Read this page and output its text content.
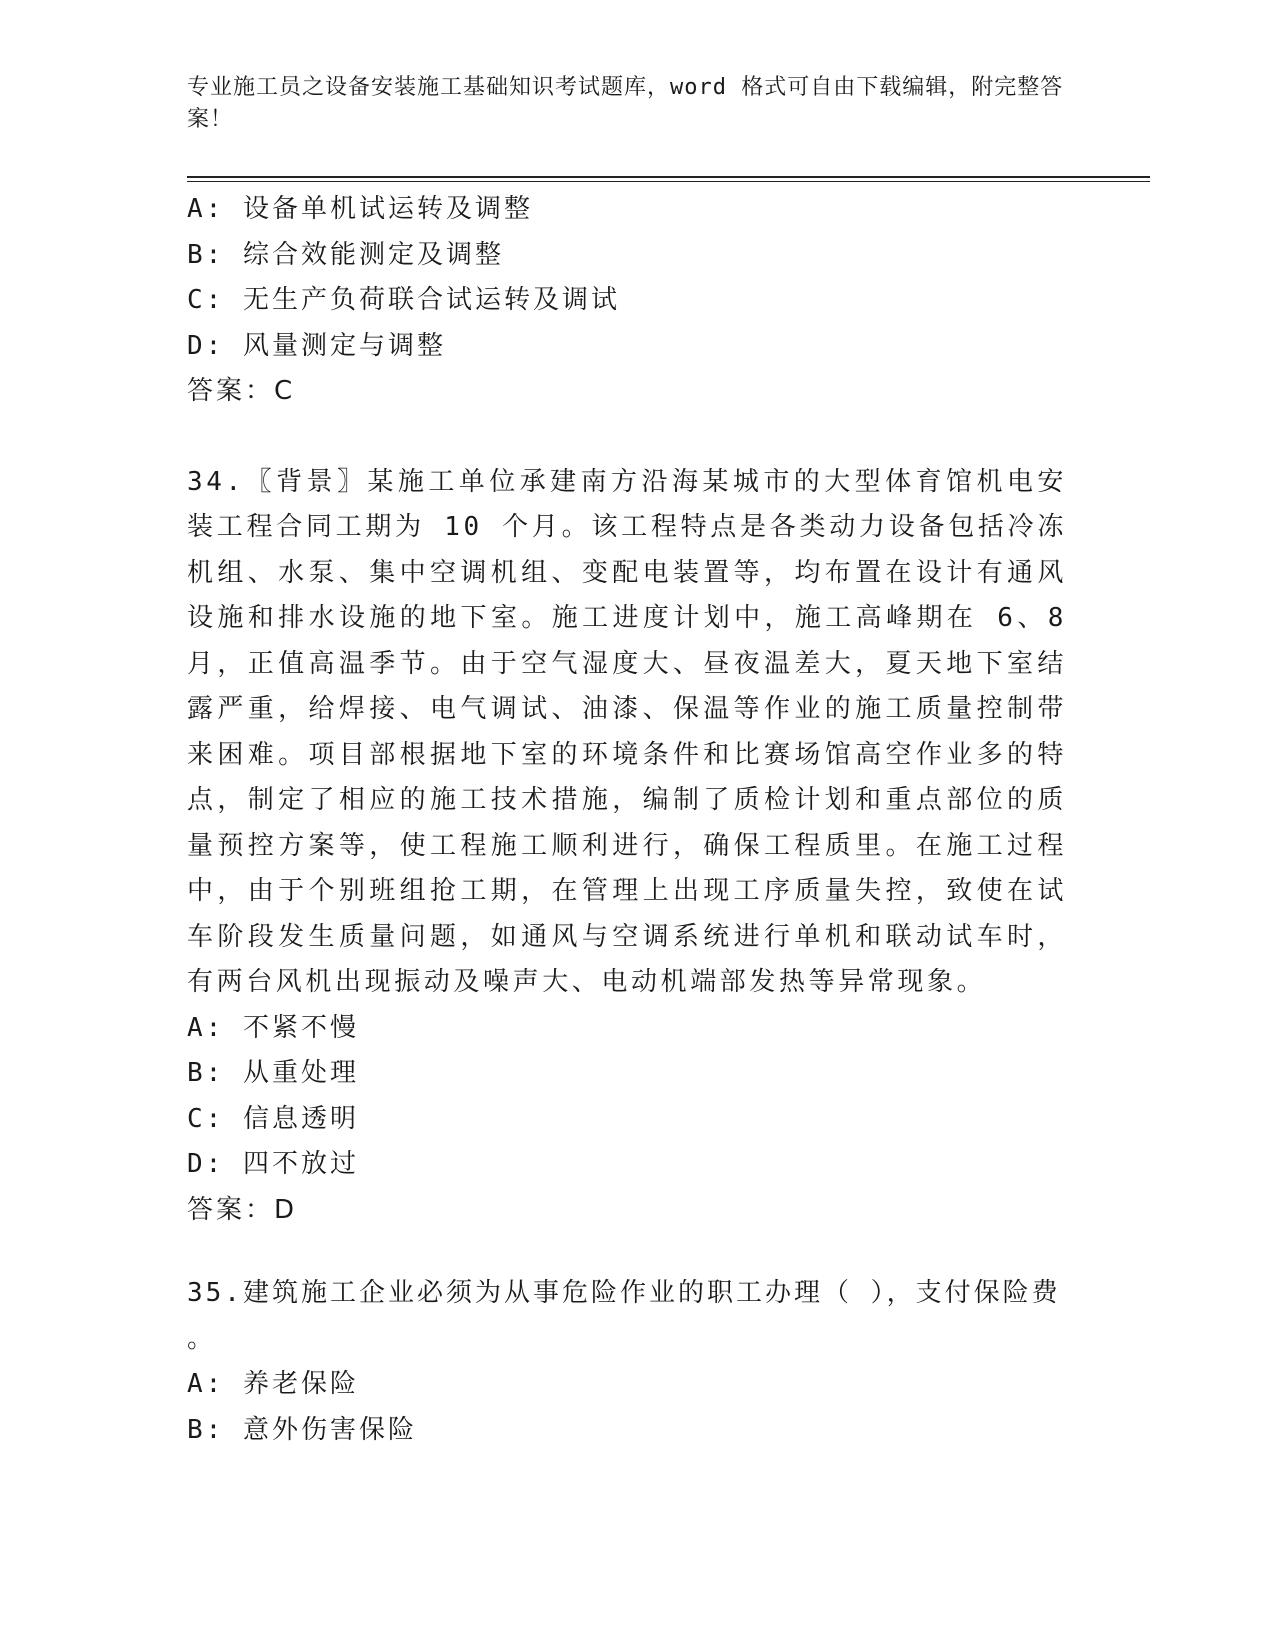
专业施工员之设备安装施工基础知识考试题库，word 格式可自由下载编辑，附完整答案！
A: 设备单机试运转及调整
B: 综合效能测定及调整
C: 无生产负荷联合试运转及调试
D: 风量测定与调整
答案：C
34.〖背景〗某施工单位承建南方沿海某城市的大型体育馆机电安装工程合同工期为 10 个月。该工程特点是各类动力设备包括冷冻机组、水泵、集中空调机组、变配电装置等，均布置在设计有通风设施和排水设施的地下室。施工进度计划中，施工高峰期在 6、8 月，正值高温季节。由于空气湿度大、昼夜温差大，夏天地下室结露严重，给焊接、电气调试、油漆、保温等作业的施工质量控制带来困难。项目部根据地下室的环境条件和比赛场馆高空作业多的特点，制定了相应的施工技术措施，编制了质检计划和重点部位的质量预控方案等，使工程施工顺利进行，确保工程质里。在施工过程中，由于个别班组抢工期，在管理上出现工序质量失控，致使在试车阶段发生质量问题，如通风与空调系统进行单机和联动试车时，有两台风机出现振动及噪声大、电动机端部发热等异常现象。
A: 不紧不慢
B: 从重处理
C: 信息透明
D: 四不放过
答案：D
35.建筑施工企业必须为从事危险作业的职工办理（ ），支付保险费
。
A: 养老保险
B: 意外伤害保险
